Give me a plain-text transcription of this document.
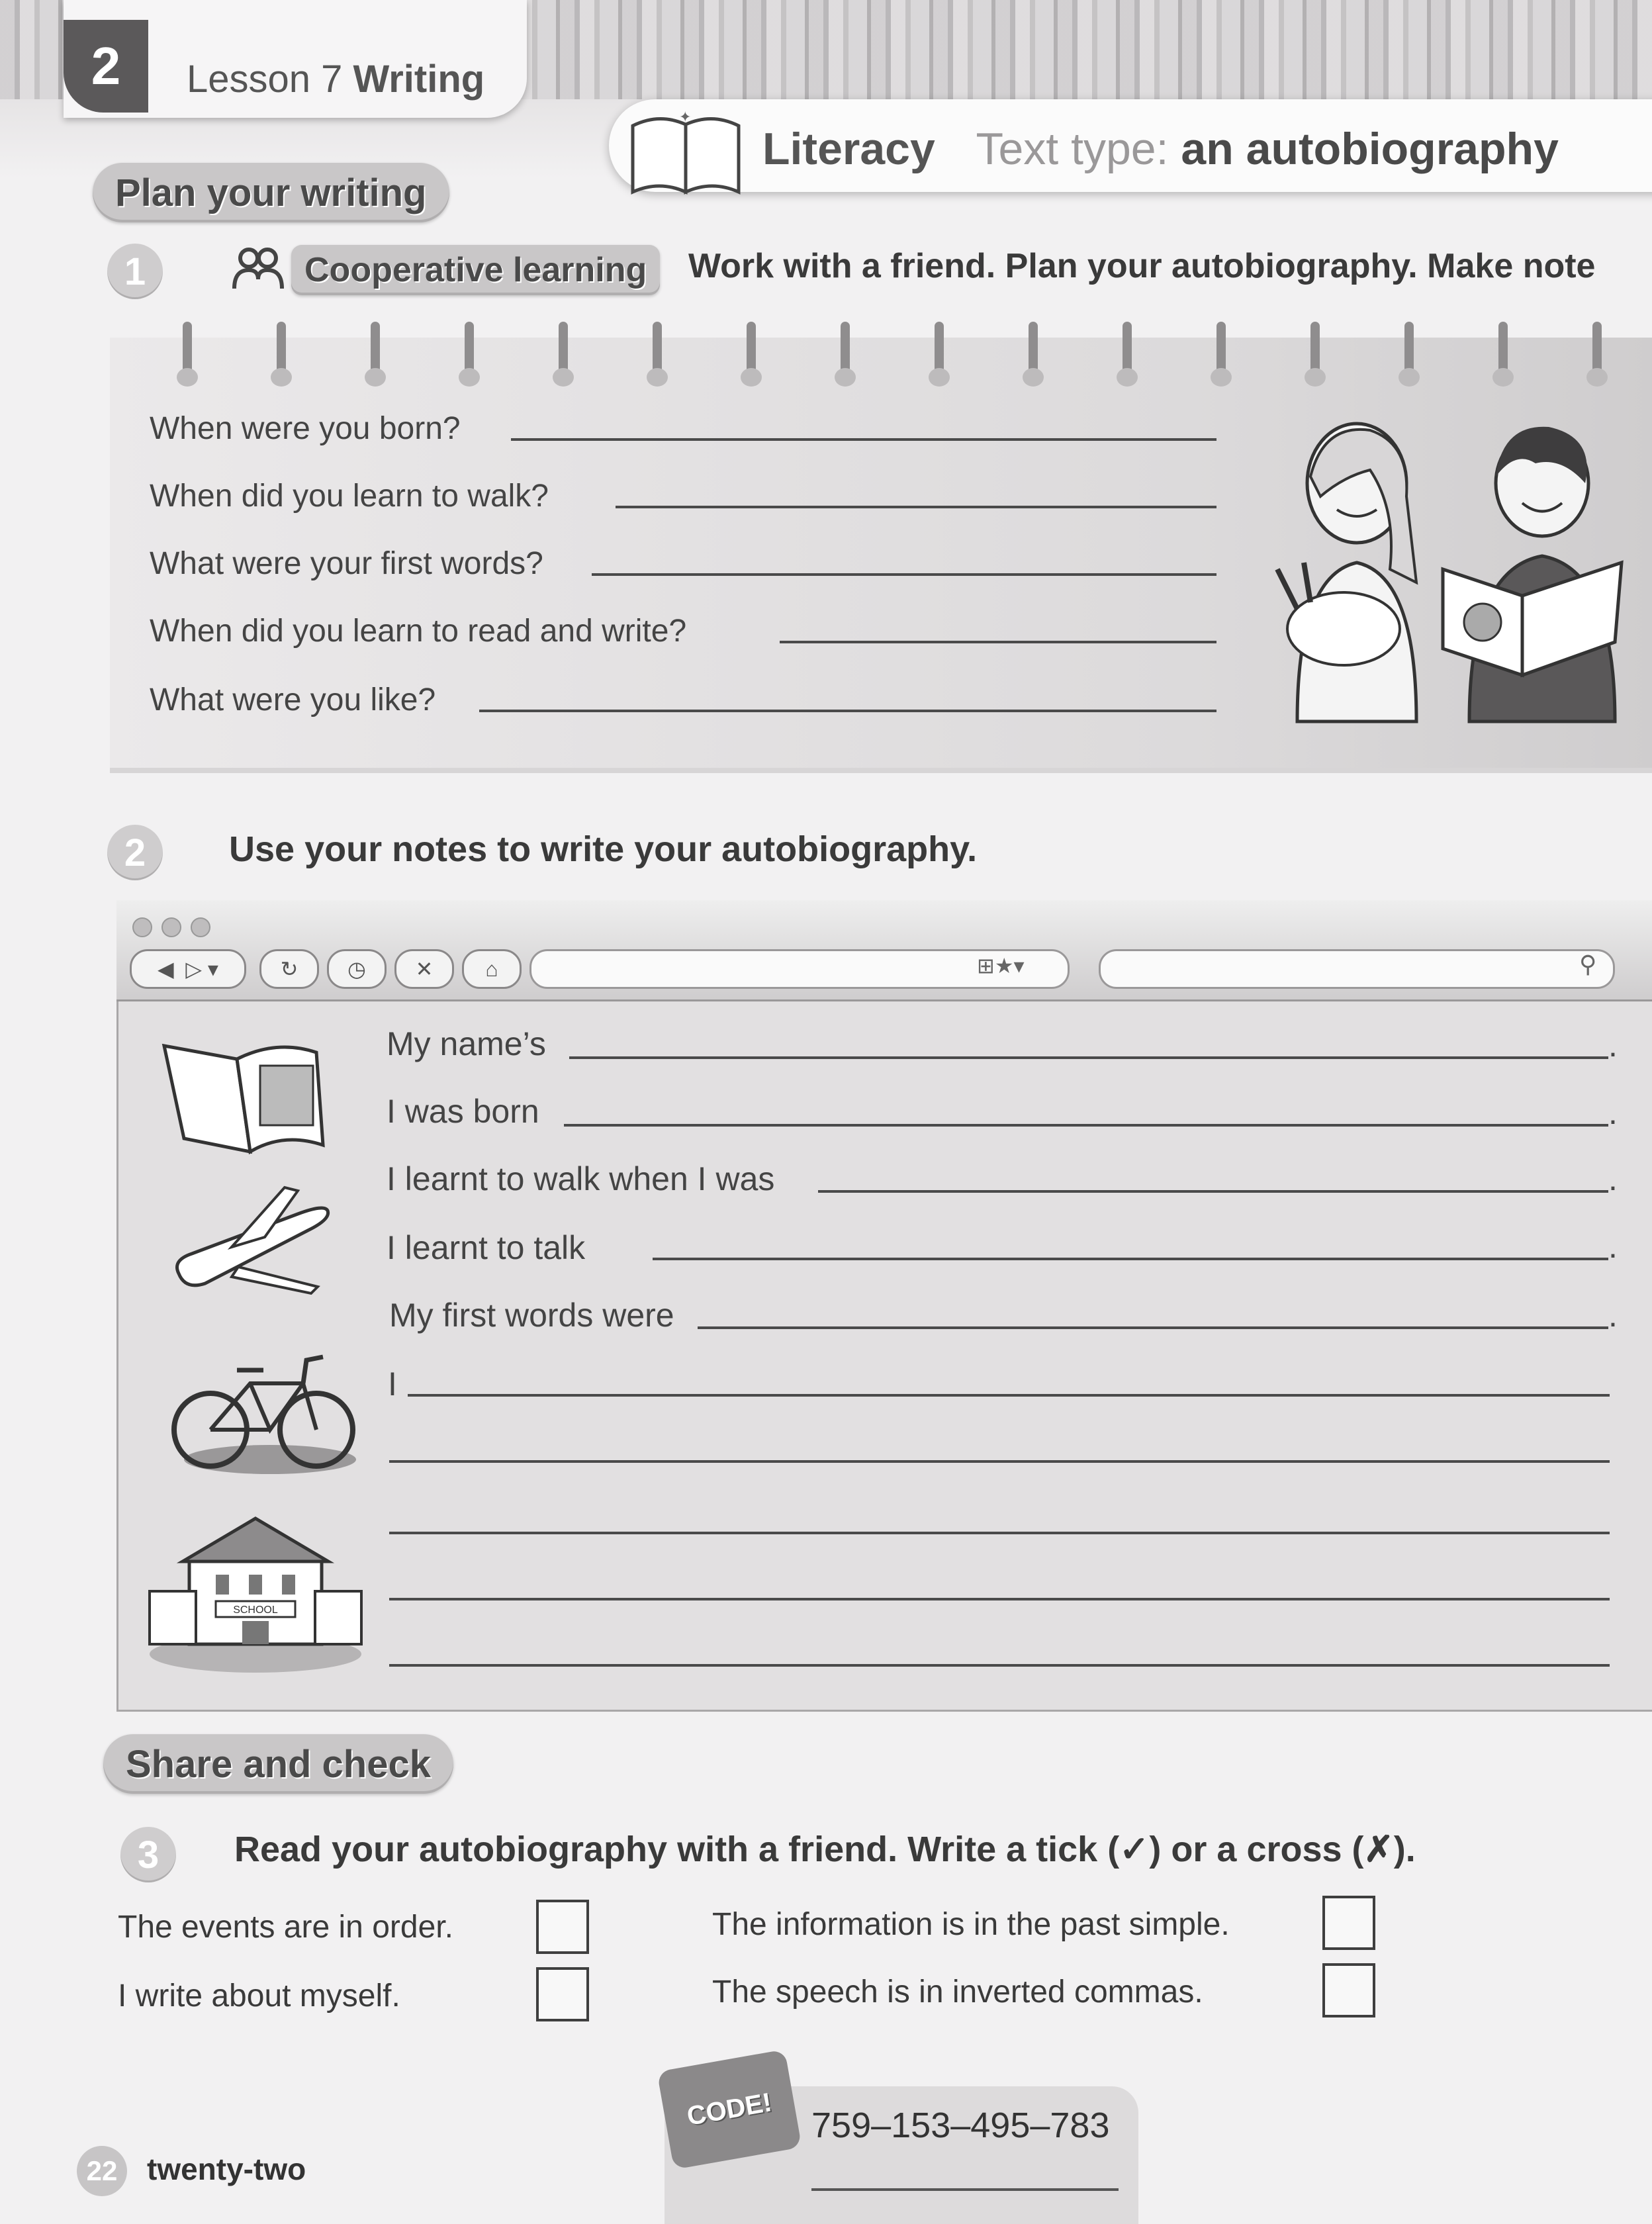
2	Lesson 7 Writing
✦
Literacy Text type: an autobiography
Plan your writing
1	Cooperative learning	Work with a friend. Plan your autobiography. Make note
When were you born?
When did you learn to walk?
What were your first words?
When did you learn to read and write?
What were you like?
2	Use your notes to write your autobiography.
◀
▷
▾	↻ ◷ ✕ ⌂	⊞★▾	⚲
SCHOOL
My name’s	.
I was born	.
I learnt to walk when I was	.
I learnt to talk	.
My first words were	.
I
Share and check
3	Read your autobiography with a friend. Write a tick (✓) or a cross (✗).
The events are in order.
I write about myself.
The information is in the past simple.
The speech is in inverted commas.
CODE!	759–153–495–783
22 twenty-two
